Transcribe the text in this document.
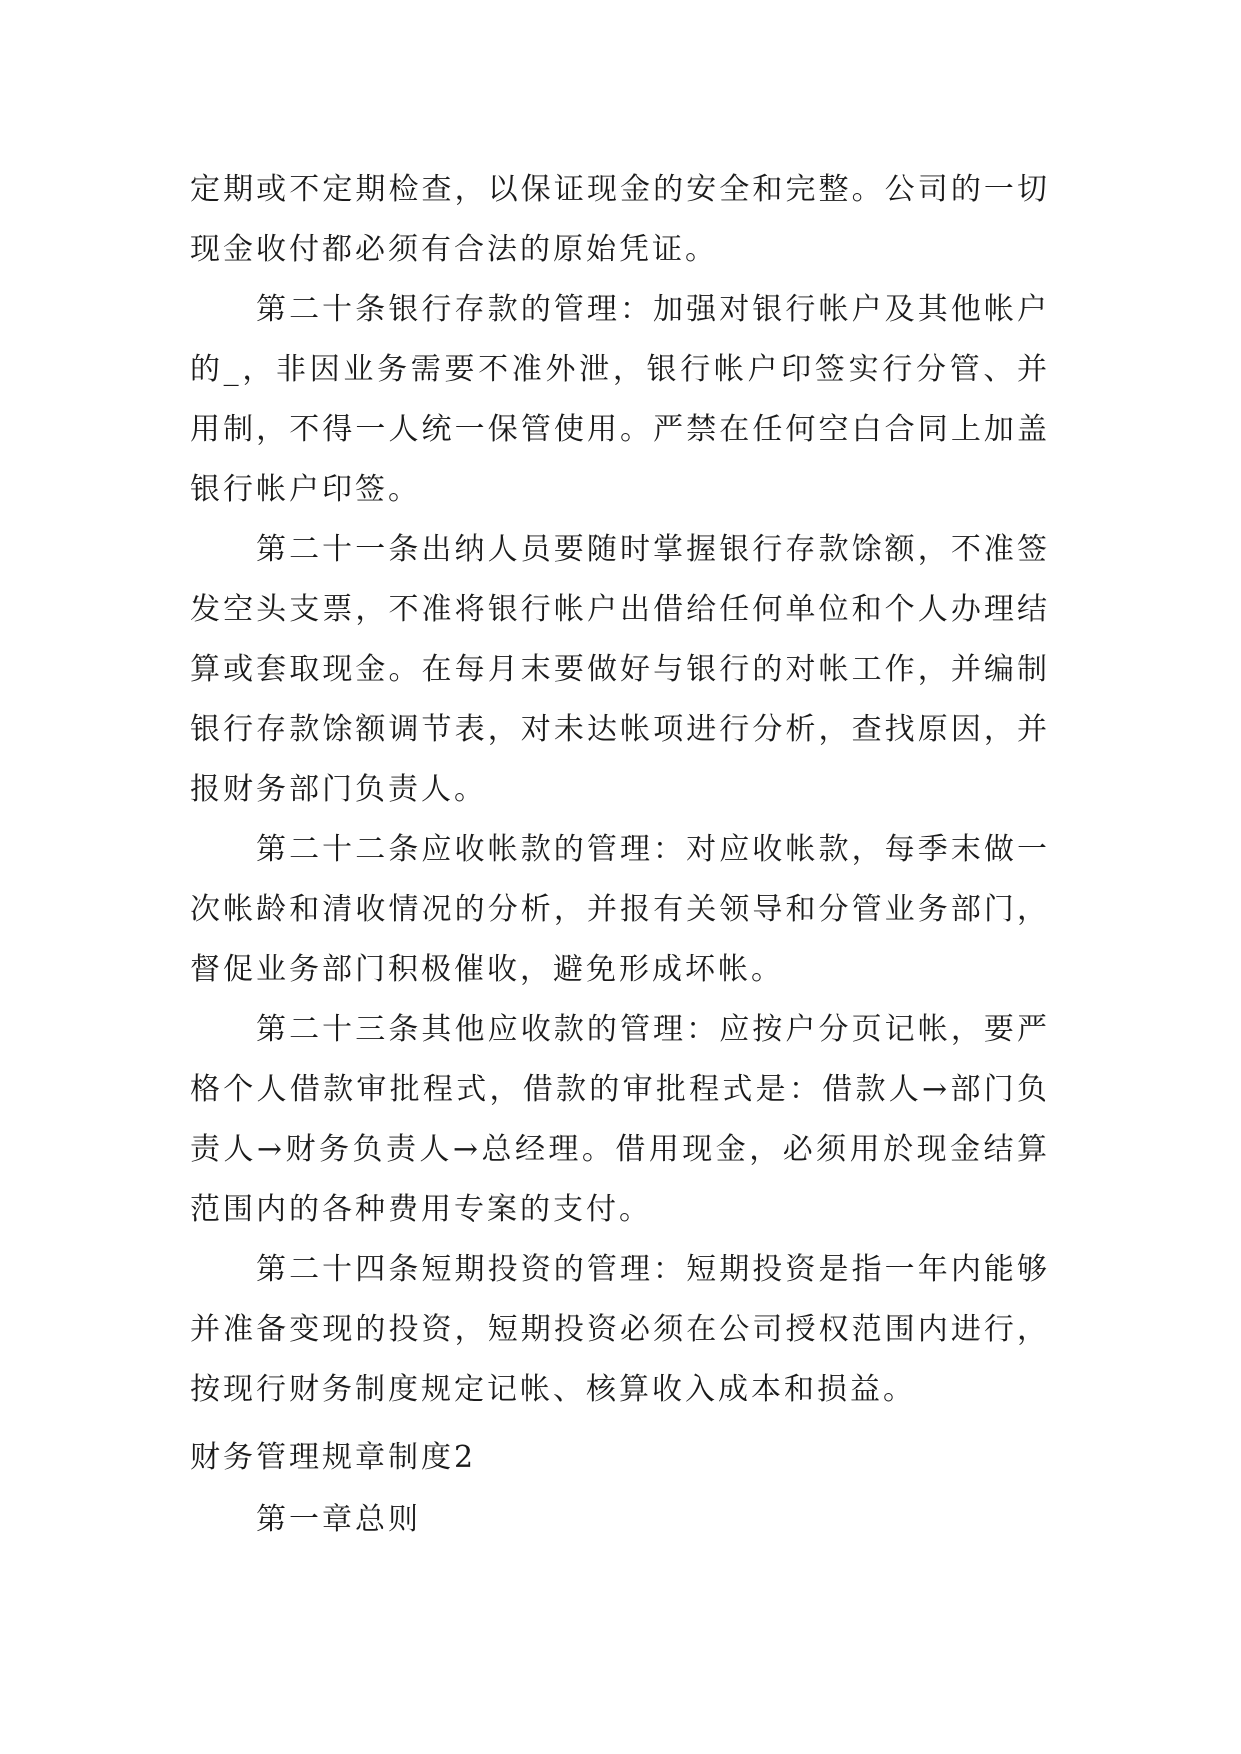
定期或不定期检查，以保证现金的安全和完整。公司的一切现金收付都必须有合法的原始凭证。

第二十条银行存款的管理：加强对银行帐户及其他帐户的_，非因业务需要不准外泄，银行帐户印签实行分管、并用制，不得一人统一保管使用。严禁在任何空白合同上加盖银行帐户印签。

第二十一条出纳人员要随时掌握银行存款馀额，不准签发空头支票，不准将银行帐户出借给任何单位和个人办理结算或套取现金。在每月末要做好与银行的对帐工作，并编制银行存款馀额调节表，对未达帐项进行分析，查找原因，并报财务部门负责人。

第二十二条应收帐款的管理：对应收帐款，每季末做一次帐龄和清收情况的分析，并报有关领导和分管业务部门，督促业务部门积极催收，避免形成坏帐。

第二十三条其他应收款的管理：应按户分页记帐，要严格个人借款审批程式，借款的审批程式是：借款人→部门负责人→财务负责人→总经理。借用现金，必须用於现金结算范围内的各种费用专案的支付。

第二十四条短期投资的管理：短期投资是指一年内能够并准备变现的投资，短期投资必须在公司授权范围内进行，按现行财务制度规定记帐、核算收入成本和损益。

财务管理规章制度2
第一章总则
